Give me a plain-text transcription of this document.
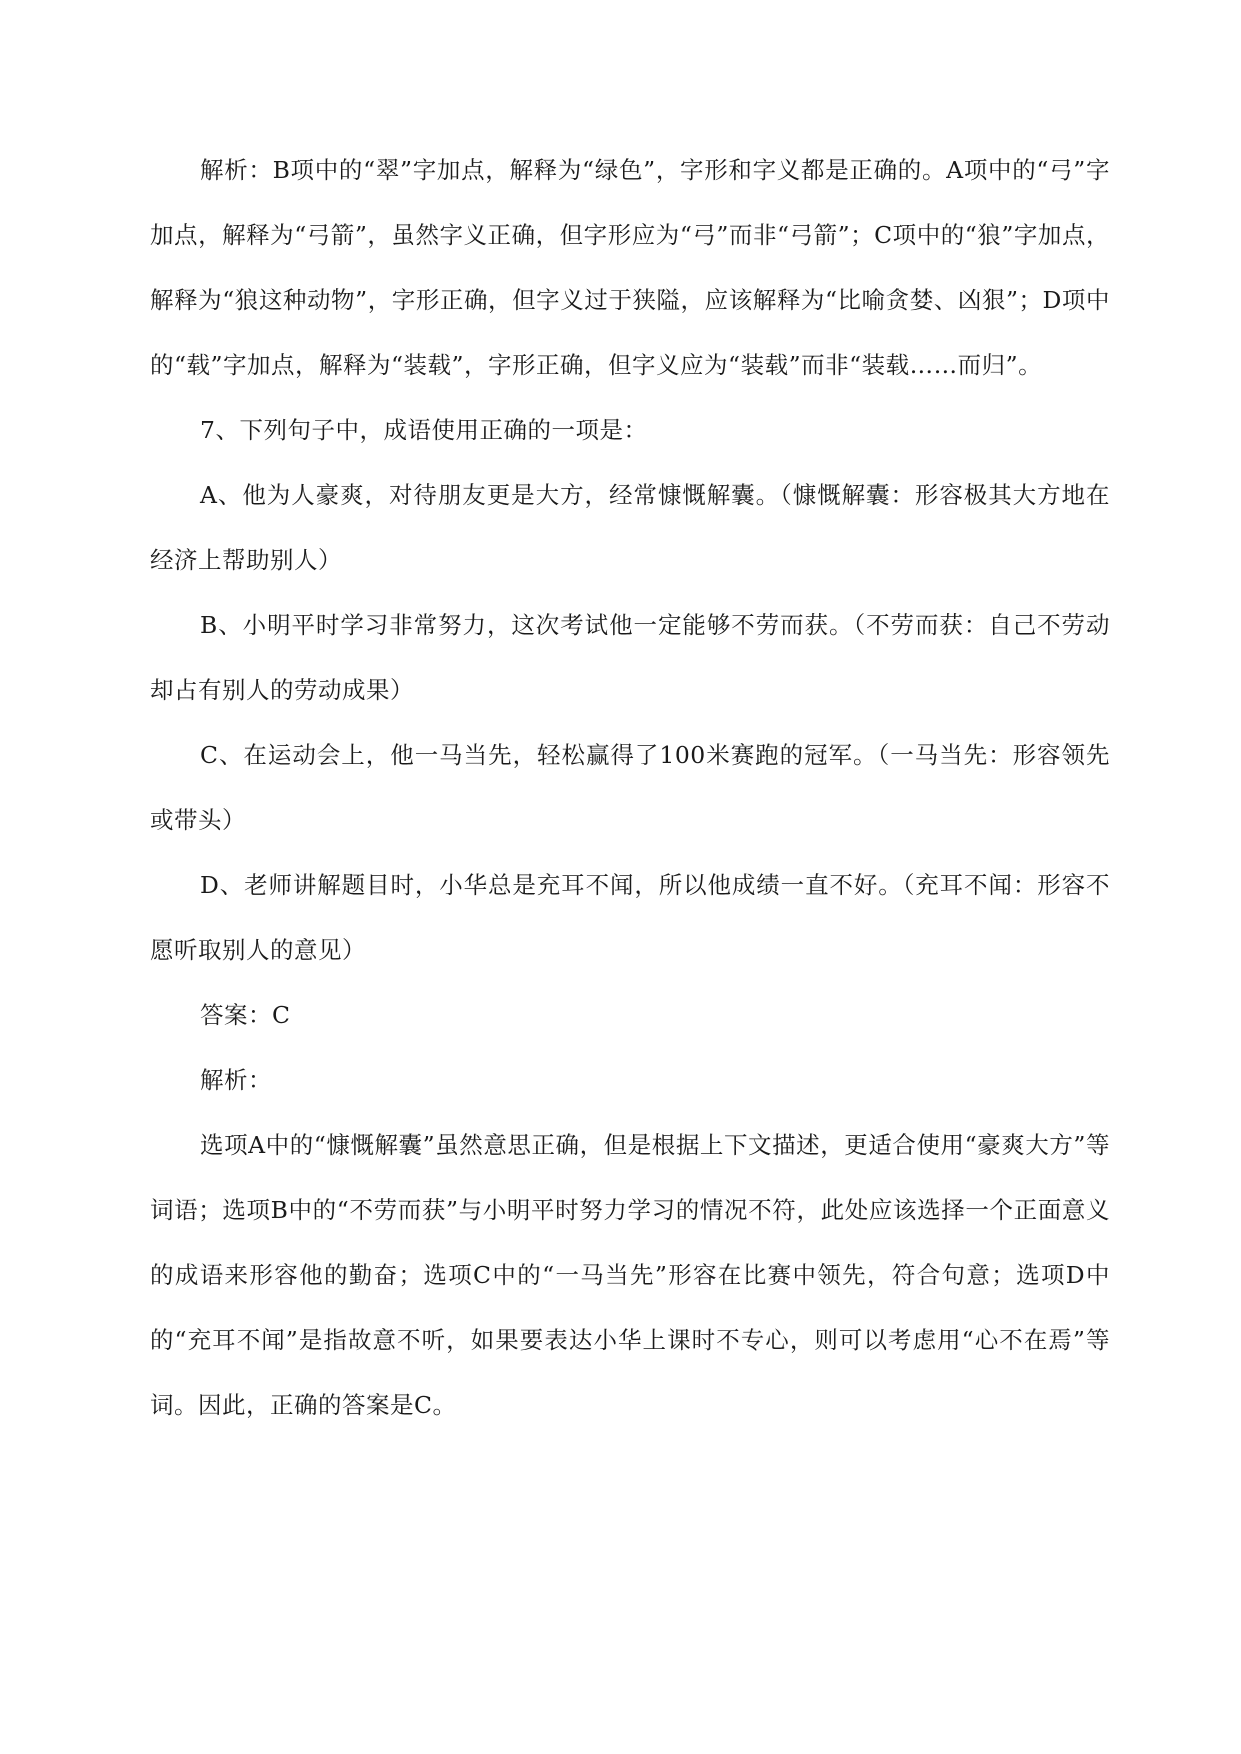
解析：B项中的“翠”字加点，解释为“绿色”，字形和字义都是正确的。A项中的“弓”字加点，解释为“弓箭”，虽然字义正确，但字形应为“弓”而非“弓箭”；C项中的“狼”字加点，解释为“狼这种动物”，字形正确，但字义过于狭隘，应该解释为“比喻贪婪、凶狠”；D项中的“载”字加点，解释为“装载”，字形正确，但字义应为“装载”而非“装载……而归”。

7、下列句子中，成语使用正确的一项是：

A、他为人豪爽，对待朋友更是大方，经常慷慨解囊。（慷慨解囊：形容极其大方地在经济上帮助别人）

B、小明平时学习非常努力，这次考试他一定能够不劳而获。（不劳而获：自己不劳动却占有别人的劳动成果）

C、在运动会上，他一马当先，轻松赢得了100米赛跑的冠军。（一马当先：形容领先或带头）

D、老师讲解题目时，小华总是充耳不闻，所以他成绩一直不好。（充耳不闻：形容不愿听取别人的意见）

答案：C

解析：

选项A中的“慷慨解囊”虽然意思正确，但是根据上下文描述，更适合使用“豪爽大方”等词语；选项B中的“不劳而获”与小明平时努力学习的情况不符，此处应该选择一个正面意义的成语来形容他的勤奋；选项C中的“一马当先”形容在比赛中领先，符合句意；选项D中的“充耳不闻”是指故意不听，如果要表达小华上课时不专心，则可以考虑用“心不在焉”等词。因此，正确的答案是C。
